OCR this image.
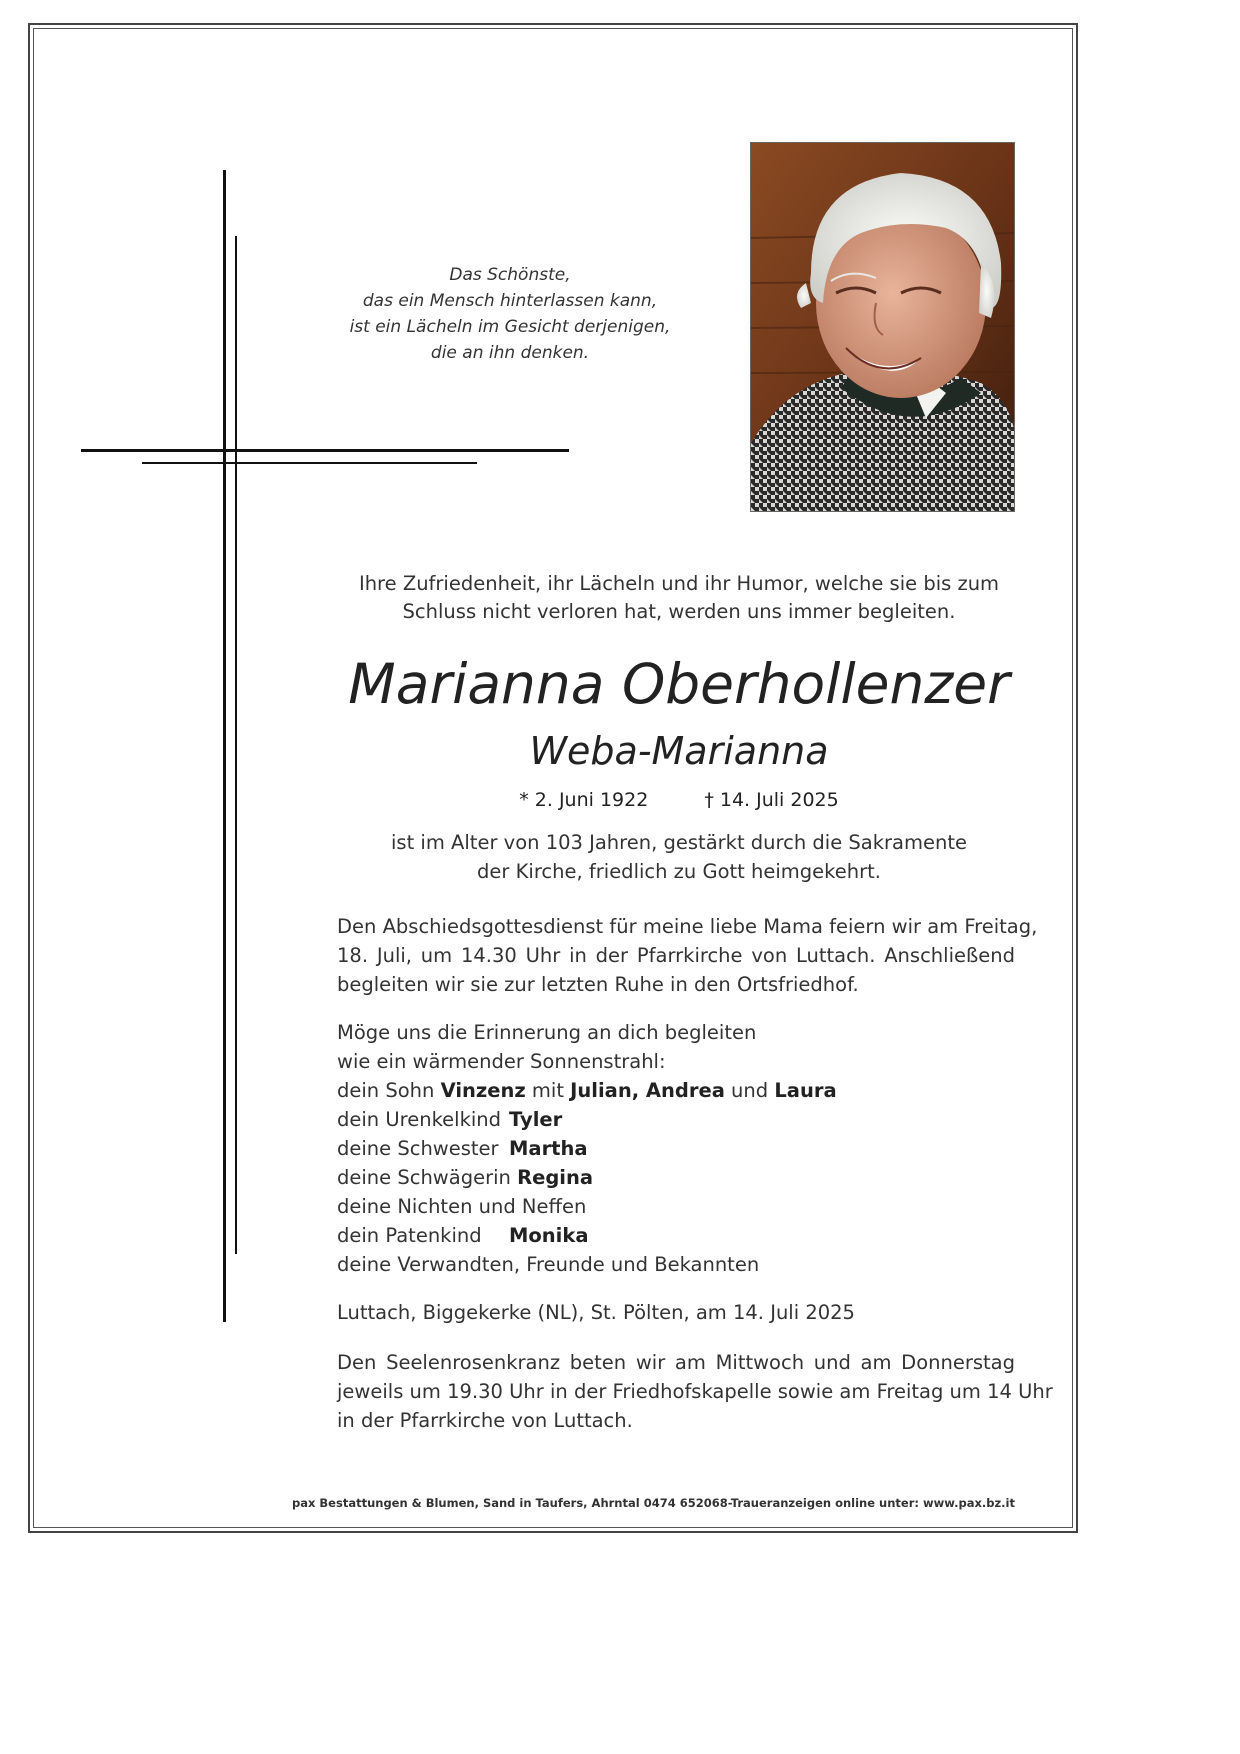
Das Schönste,
das ein Mensch hinterlassen kann,
ist ein Lächeln im Gesicht derjenigen,
die an ihn denken.
Ihre Zufriedenheit, ihr Lächeln und ihr Humor, welche sie bis zum
Schluss nicht verloren hat, werden uns immer begleiten.
Marianna Oberhollenzer
Weba-Marianna
* 2. Juni 1922	† 14. Juli 2025
ist im Alter von 103 Jahren, gestärkt durch die Sakramente
der Kirche, friedlich zu Gott heimgekehrt.
Den Abschiedsgottesdienst für meine liebe Mama feiern wir am Freitag,
18. Juli, um 14.30 Uhr in der Pfarrkirche von Luttach. Anschließend
begleiten wir sie zur letzten Ruhe in den Ortsfriedhof.
Möge uns die Erinnerung an dich begleiten
wie ein wärmender Sonnenstrahl:
dein Sohn Vinzenz mit Julian, Andrea und Laura
dein Urenkelkind Tyler
deine Schwester Martha
deine Schwägerin Regina
deine Nichten und Neffen
dein Patenkind Monika
deine Verwandten, Freunde und Bekannten
Luttach, Biggekerke (NL), St. Pölten, am 14. Juli 2025
Den Seelenrosenkranz beten wir am Mittwoch und am Donnerstag
jeweils um 19.30 Uhr in der Friedhofskapelle sowie am Freitag um 14 Uhr
in der Pfarrkirche von Luttach.
pax Bestattungen & Blumen, Sand in Taufers, Ahrntal 0474 652068-Traueranzeigen online unter: www.pax.bz.it
